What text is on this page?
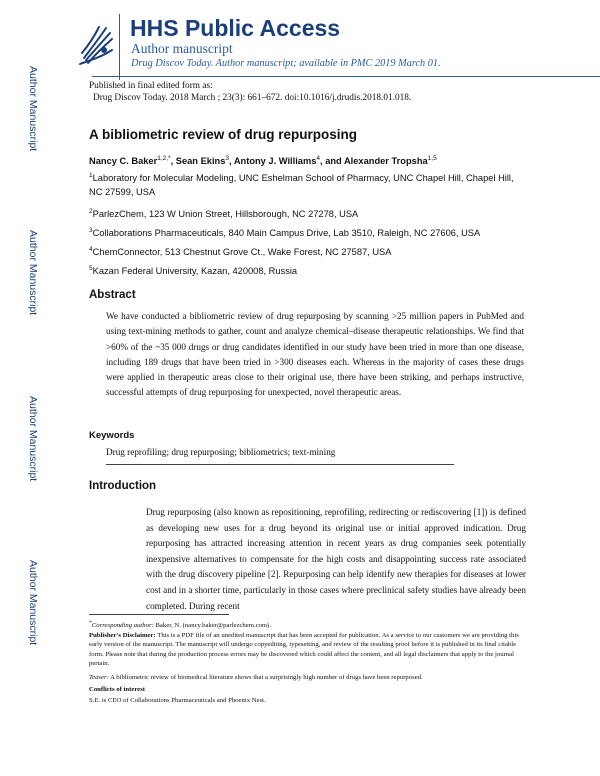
HHS Public Access
Author manuscript
Drug Discov Today. Author manuscript; available in PMC 2019 March 01.
Published in final edited form as:
Drug Discov Today. 2018 March ; 23(3): 661–672. doi:10.1016/j.drudis.2018.01.018.
Author Manuscript
Author Manuscript
Author Manuscript
Author Manuscript
A bibliometric review of drug repurposing
Nancy C. Baker$^{1,2,*}$, Sean Ekins$^3$, Antony J. Williams$^4$, and Alexander Tropsha$^{1,5}$
$^1$Laboratory for Molecular Modeling, UNC Eshelman School of Pharmacy, UNC Chapel Hill, Chapel Hill, NC 27599, USA
$^2$ParlezChem, 123 W Union Street, Hillsborough, NC 27278, USA
$^3$Collaborations Pharmaceuticals, 840 Main Campus Drive, Lab 3510, Raleigh, NC 27606, USA
$^4$ChemConnector, 513 Chestnut Grove Ct., Wake Forest, NC 27587, USA
$^5$Kazan Federal University, Kazan, 420008, Russia
Abstract
We have conducted a bibliometric review of drug repurposing by scanning >25 million papers in PubMed and using text-mining methods to gather, count and analyze chemical–disease therapeutic relationships. We find that >60% of the ~35 000 drugs or drug candidates identified in our study have been tried in more than one disease, including 189 drugs that have been tried in >300 diseases each. Whereas in the majority of cases these drugs were applied in therapeutic areas close to their original use, there have been striking, and perhaps instructive, successful attempts of drug repurposing for unexpected, novel therapeutic areas.
Keywords
Drug reprofiling; drug repurposing; bibliometrics; text-mining
Introduction
Drug repurposing (also known as repositioning, reprofiling, redirecting or rediscovering [1]) is defined as developing new uses for a drug beyond its original use or initial approved indication. Drug repurposing has attracted increasing attention in recent years as drug companies seek potentially inexpensive alternatives to compensate for the high costs and disappointing success rate associated with the drug discovery pipeline [2]. Repurposing can help identify new therapies for diseases at lower cost and in a shorter time, particularly in those cases where preclinical safety studies have already been completed. During recent
*Corresponding author: Baker, N. (nancy.baker@parlezchem.com).
Publisher's Disclaimer: This is a PDF file of an unedited manuscript that has been accepted for publication. As a service to our customers we are providing this early version of the manuscript. The manuscript will undergo copyediting, typesetting, and review of the resulting proof before it is published in its final citable form. Please note that during the production process errors may be discovered which could affect the content, and all legal disclaimers that apply to the journal pertain.
Teaser: A bibliometric review of biomedical literature shows that a surprisingly high number of drugs have been repurposed.
Conflicts of interest
S.E. is CEO of Collaborations Pharmaceuticals and Phoenix Nest.
